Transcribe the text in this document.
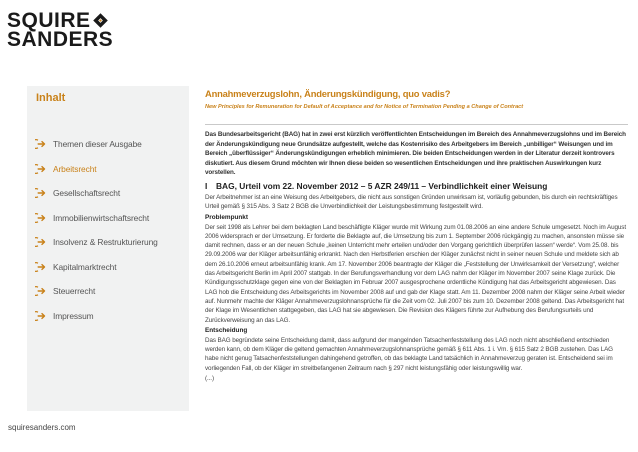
SQUIRE
SANDERS
Inhalt
Themen dieser Ausgabe
Arbeitsrecht
Gesellschaftsrecht
Immobilienwirtschaftsrecht
Insolvenz & Restrukturierung
Kapitalmarktrecht
Steuerrecht
Impressum
squiresanders.com
Annahmeverzugslohn, Änderungskündigung, quo vadis?

New Principles for Remuneration for Default of Acceptance and for Notice of Termination Pending a Change of Contract

Das Bundesarbeitsgericht (BAG) hat in zwei erst kürzlich veröffentlichten Entscheidungen im Bereich des Annahmeverzugslohns und im Bereich der Änderungskündigung neue Grundsätze aufgestellt, welche das Kostenrisiko des Arbeitgebers im Bereich „unbilliger“ Weisungen und im Bereich „überflüssiger“ Änderungskündigungen erheblich minimieren. Die beiden Entscheidungen werden in der Literatur derzeit kontrovers diskutiert. Aus diesem Grund möchten wir Ihnen diese beiden so wesentlichen Entscheidungen und ihre praktischen Auswirkungen kurz vorstellen.

I	BAG, Urteil vom 22. November 2012 – 5 AZR 249/11 – Verbindlichkeit einer Weisung

Der Arbeitnehmer ist an eine Weisung des Arbeitgebers, die nicht aus sonstigen Gründen unwirksam ist, vorläufig gebunden, bis durch ein rechtskräftiges Urteil gemäß § 315 Abs. 3 Satz 2 BGB die Unverbindlichkeit der Leistungsbestimmung festgestellt wird.

Problempunkt

Der seit 1998 als Lehrer bei dem beklagten Land beschäftigte Kläger wurde mit Wirkung zum 01.08.2006 an eine andere Schule umgesetzt. Noch im August 2006 widersprach er der Umsetzung. Er forderte die Beklagte auf, die Umsetzung bis zum 1. September 2006 rückgängig zu machen, ansonsten müsse sie damit rechnen, dass er an der neuen Schule „keinen Unterricht mehr erteilen und/oder den Vorgang gerichtlich überprüfen lassen“ werde“. Vom 25.08. bis 29.09.2006 war der Kläger arbeitsunfähig erkrankt. Nach den Herbstferien erschien der Kläger zunächst nicht in seiner neuen Schule und meldete sich ab dem 26.10.2006 erneut arbeitsunfähig krank. Am 17. November 2006 beantragte der Kläger die „Feststellung der Unwirksamkeit der Versetzung“, welcher das Arbeitsgericht Berlin im April 2007 stattgab. In der Berufungsverhandlung vor dem LAG nahm der Kläger im November 2007 seine Klage zurück. Die Kündigungsschutzklage gegen eine von der Beklagten im Februar 2007 ausgesprochene ordentliche Kündigung hat das Arbeitsgericht abgewiesen. Das LAG hob die Entscheidung des Arbeitsgerichts im November 2008 auf und gab der Klage statt. Am 11. Dezember 2008 nahm der Kläger seine Arbeit wieder auf. Nunmehr machte der Kläger Annahmeverzugslohnansprüche für die Zeit vom 02. Juli 2007 bis zum 10. Dezember 2008 geltend. Das Arbeitsgericht hat der Klage im Wesentlichen stattgegeben, das LAG hat sie abgewiesen. Die Revision des Klägers führte zur Aufhebung des Berufungsurteils und Zurückverweisung an das LAG.

Entscheidung

Das BAG begründete seine Entscheidung damit, dass aufgrund der mangelnden Tatsachenfeststellung des LAG noch nicht abschließend entschieden werden kann, ob dem Kläger die geltend gemachten Annahmeverzugslohnansprüche gemäß § 611 Abs. 1 i. Vm. § 615 Satz 2 BGB zustehen. Das LAG habe nicht genug Tatsachenfeststellungen dahingehend getroffen, ob das beklagte Land tatsächlich in Annahmeverzug geraten ist. Entscheidend sei im vorliegenden Fall, ob der Kläger im streitbefangenen Zeitraum nach § 297 nicht leistungsfähig oder leistungswillig war.

(...)
